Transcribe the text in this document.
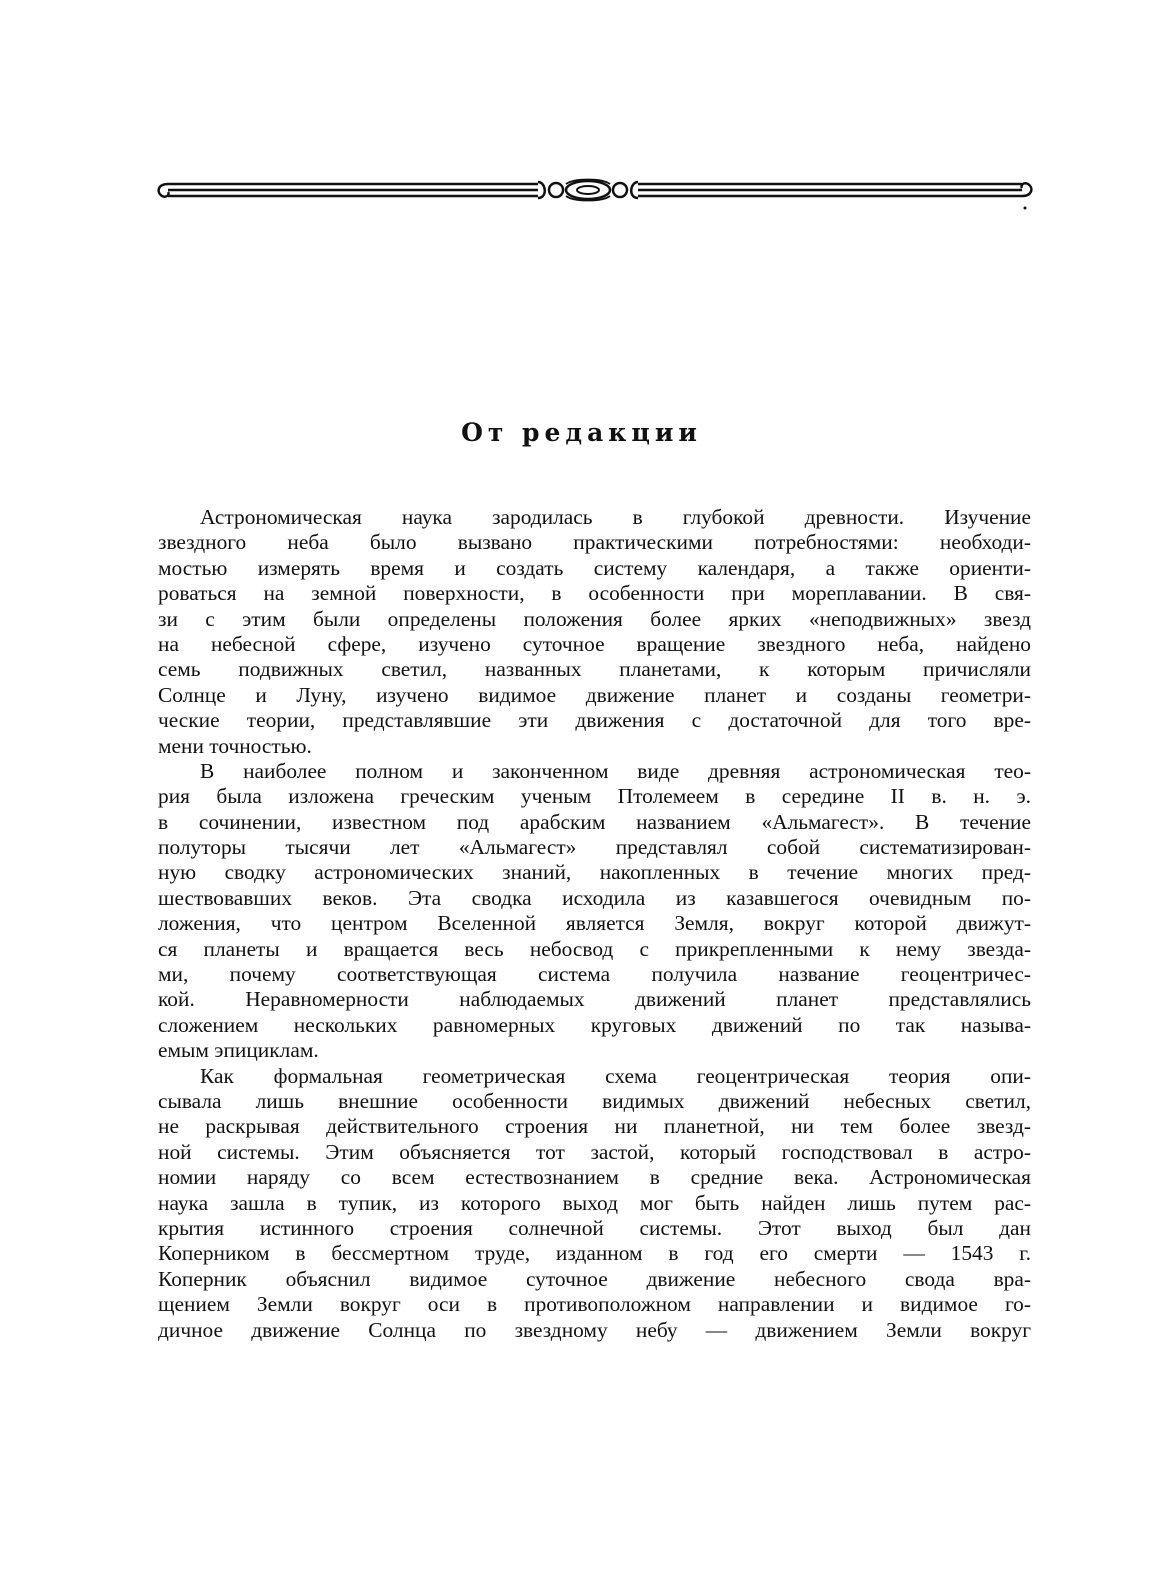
От редакции
Астрономическая наука зародилась в глубокой древности. Изучение
звездного неба было вызвано практическими потребностями: необходи-
мостью измерять время и создать систему календаря, а также ориенти-
роваться на земной поверхности, в особенности при мореплавании. В свя-
зи с этим были определены положения более ярких «неподвижных» звезд
на небесной сфере, изучено суточное вращение звездного неба, найдено
семь подвижных светил, названных планетами, к которым причисляли
Солнце и Луну, изучено видимое движение планет и созданы геометри-
ческие теории, представлявшие эти движения с достаточной для того вре-
мени точностью.
В наиболее полном и законченном виде древняя астрономическая тео-
рия была изложена греческим ученым Птолемеем в середине II в. н. э.
в сочинении, известном под арабским названием «Альмагест». В течение
полуторы тысячи лет «Альмагест» представлял собой систематизирован-
ную сводку астрономических знаний, накопленных в течение многих пред-
шествовавших веков. Эта сводка исходила из казавшегося очевидным по-
ложения, что центром Вселенной является Земля, вокруг которой движут-
ся планеты и вращается весь небосвод с прикрепленными к нему звезда-
ми, почему соответствующая система получила название геоцентричес-
кой. Неравномерности наблюдаемых движений планет представлялись
сложением нескольких равномерных круговых движений по так называ-
емым эпициклам.
Как формальная геометрическая схема геоцентрическая теория опи-
сывала лишь внешние особенности видимых движений небесных светил,
не раскрывая действительного строения ни планетной, ни тем более звезд-
ной системы. Этим объясняется тот застой, который господствовал в астро-
номии наряду со всем естествознанием в средние века. Астрономическая
наука зашла в тупик, из которого выход мог быть найден лишь путем рас-
крытия истинного строения солнечной системы. Этот выход был дан
Коперником в бессмертном труде, изданном в год его смерти — 1543 г.
Коперник объяснил видимое суточное движение небесного свода вра-
щением Земли вокруг оси в противоположном направлении и видимое го-
дичное движение Солнца по звездному небу — движением Земли вокруг
